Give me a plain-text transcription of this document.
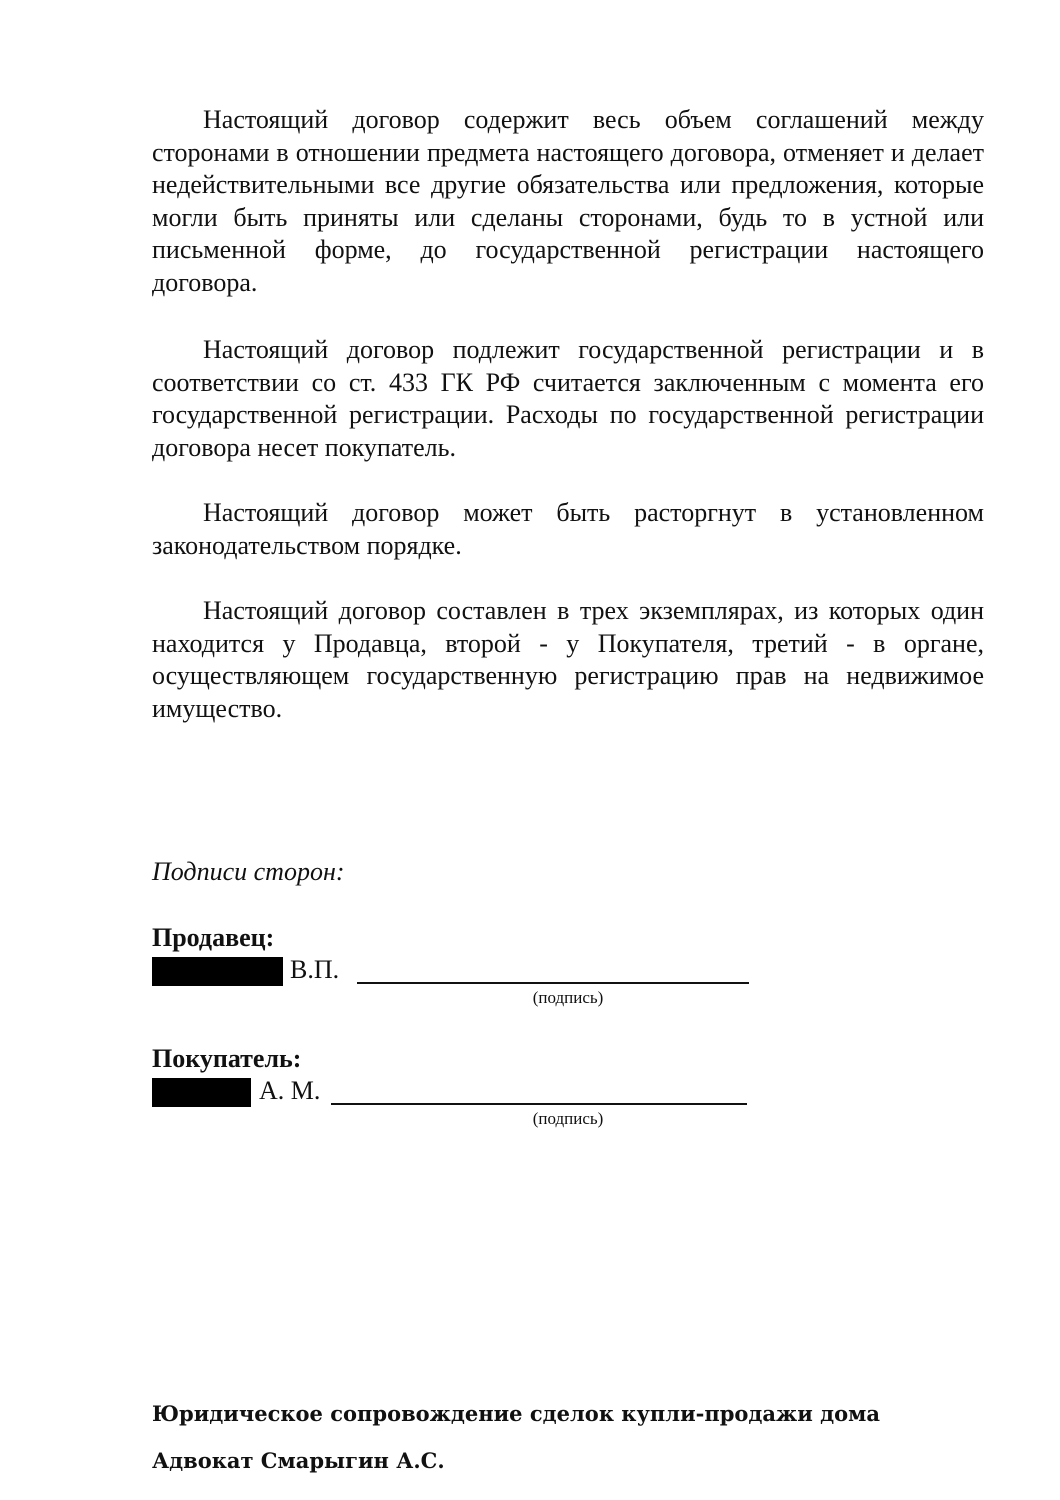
Настоящий договор содержит весь объем соглашений между сторонами в отношении предмета настоящего договора, отменяет и делает недействительными все другие обязательства или предложения, которые могли быть приняты или сделаны сторонами, будь то в устной или письменной форме, до государственной регистрации настоящего договора.

Настоящий договор подлежит государственной регистрации и в соответствии со ст. 433 ГК РФ считается заключенным с момента его государственной регистрации. Расходы по государственной регистрации договора несет покупатель.

Настоящий договор может быть расторгнут в установленном законодательством порядке.

Настоящий договор составлен в трех экземплярах, из которых один находится у Продавца, второй - у Покупателя, третий - в органе, осуществляющем государственную регистрацию прав на недвижимое имущество.

Подписи сторон:

Продавец:

В.П.
(подпись)

Покупатель:

А. М.
(подпись)

Юридическое сопровождение сделок купли-продажи дома

Адвокат Смарыгин А.С.
